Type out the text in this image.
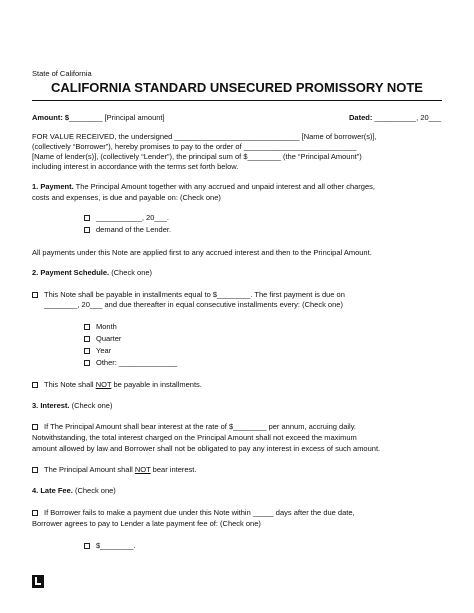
State of California
CALIFORNIA STANDARD UNSECURED PROMISSORY NOTE
Amount: $________ [Principal amount]	Dated: __________, 20___
FOR VALUE RECEIVED, the undersigned ______________________________ [Name of borrower(s)],
(collectively “Borrower”), hereby promises to pay to the order of ___________________________
[Name of lender(s)], (collectively “Lender”), the principal sum of $________ (the “Principal Amount”)
including interest in accordance with the terms set forth below.
1. Payment. The Principal Amount together with any accrued and unpaid interest and all other charges,
costs and expenses, is due and payable on: (Check one)
___________, 20___.
demand of the Lender.
All payments under this Note are applied first to any accrued interest and then to the Principal Amount.
2. Payment Schedule. (Check one)
This Note shall be payable in installments equal to $________. The first payment is due on
________, 20___ and due thereafter in equal consecutive installments every: (Check one)
Month
Quarter
Year
Other: ______________
This Note shall NOT be payable in installments.
3. Interest. (Check one)
If The Principal Amount shall bear interest at the rate of $________ per annum, accruing daily.
Notwithstanding, the total interest charged on the Principal Amount shall not exceed the maximum
amount allowed by law and Borrower shall not be obligated to pay any interest in excess of such amount.
The Principal Amount shall NOT bear interest.
4. Late Fee. (Check one)
If Borrower fails to make a payment due under this Note within _____ days after the due date,
Borrower agrees to pay to Lender a late payment fee of: (Check one)
$________.
